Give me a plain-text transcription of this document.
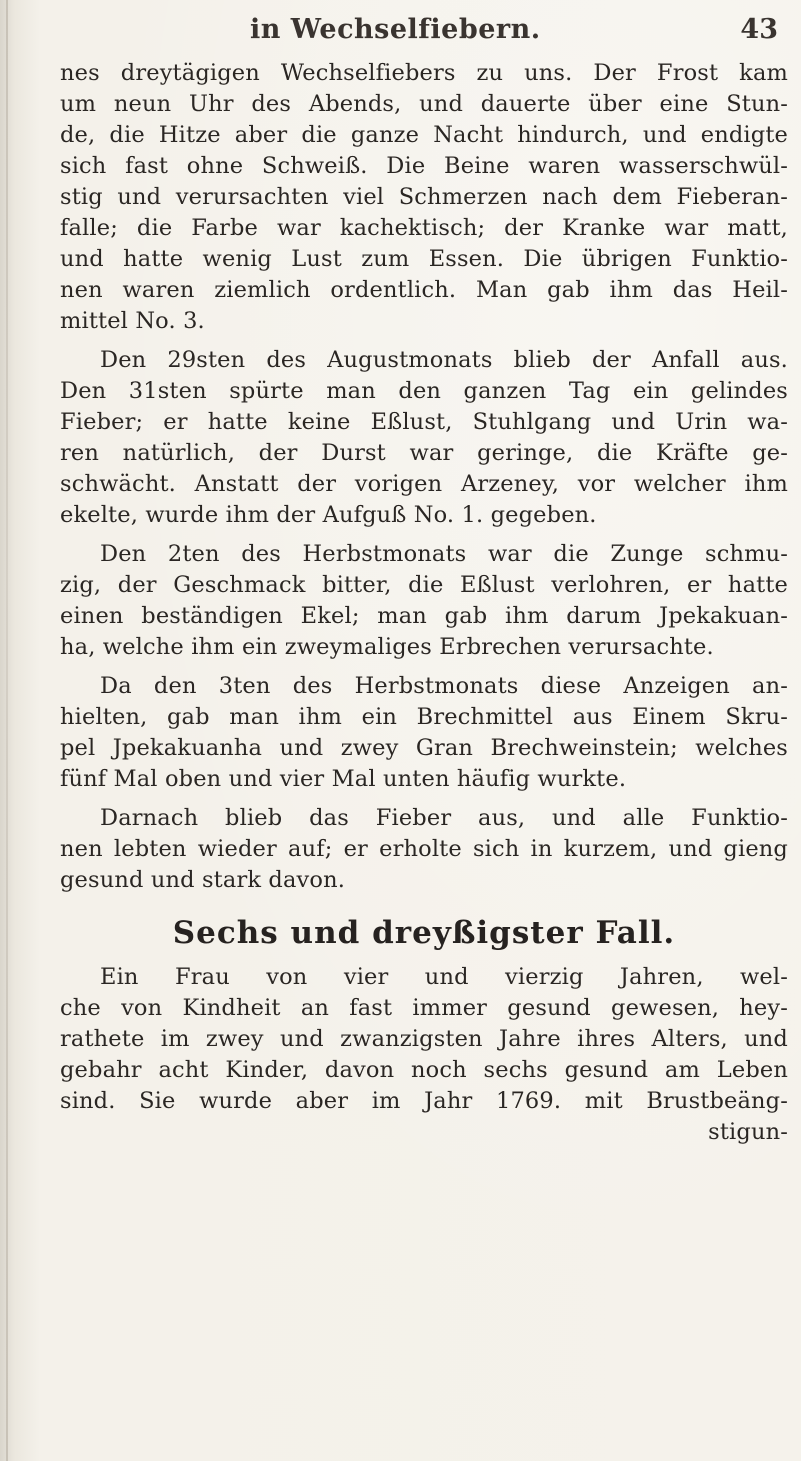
in Wechselfiebern.	43
nes dreytägigen Wechselfiebers zu uns. Der Frost kam
um neun Uhr des Abends, und dauerte über eine Stun-
de, die Hitze aber die ganze Nacht hindurch, und endigte
sich fast ohne Schweiß. Die Beine waren wasserschwül-
stig und verursachten viel Schmerzen nach dem Fieberan-
falle; die Farbe war kachektisch; der Kranke war matt,
und hatte wenig Lust zum Essen. Die übrigen Funktio-
nen waren ziemlich ordentlich. Man gab ihm das Heil-
mittel No. 3.
Den 29sten des Augustmonats blieb der Anfall aus.
Den 31sten spürte man den ganzen Tag ein gelindes
Fieber; er hatte keine Eßlust, Stuhlgang und Urin wa-
ren natürlich, der Durst war geringe, die Kräfte ge-
schwächt. Anstatt der vorigen Arzeney, vor welcher ihm
ekelte, wurde ihm der Aufguß No. 1. gegeben.
Den 2ten des Herbstmonats war die Zunge schmu-
zig, der Geschmack bitter, die Eßlust verlohren, er hatte
einen beständigen Ekel; man gab ihm darum Jpekakuan-
ha, welche ihm ein zweymaliges Erbrechen verursachte.
Da den 3ten des Herbstmonats diese Anzeigen an-
hielten, gab man ihm ein Brechmittel aus Einem Skru-
pel Jpekakuanha und zwey Gran Brechweinstein; welches
fünf Mal oben und vier Mal unten häufig wurkte.
Darnach blieb das Fieber aus, und alle Funktio-
nen lebten wieder auf; er erholte sich in kurzem, und gieng
gesund und stark davon.
Sechs und dreyßigster Fall.
Ein Frau von vier und vierzig Jahren, wel-
che von Kindheit an fast immer gesund gewesen, hey-
rathete im zwey und zwanzigsten Jahre ihres Alters, und
gebahr acht Kinder, davon noch sechs gesund am Leben
sind. Sie wurde aber im Jahr 1769. mit Brustbeäng-
stigun-
